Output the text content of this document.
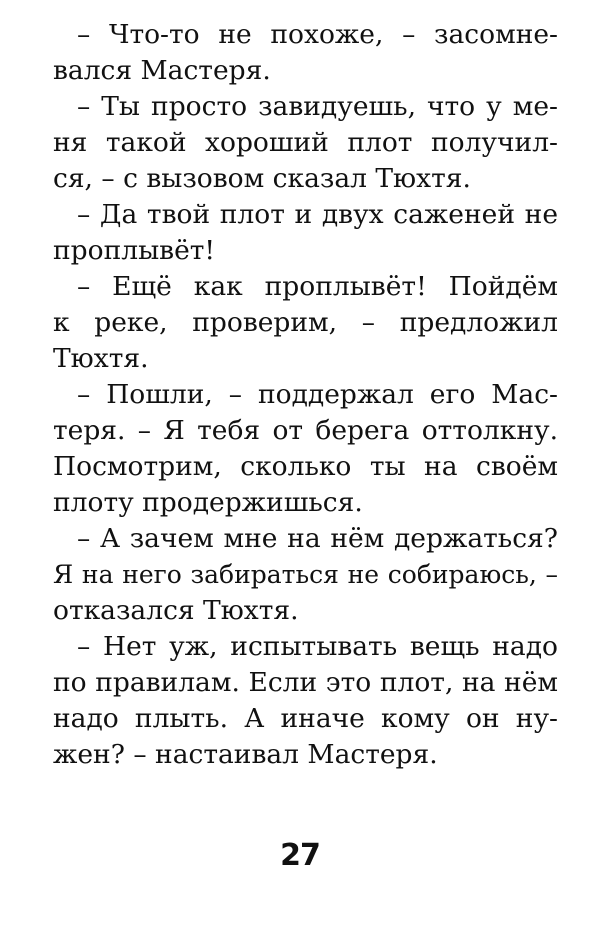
– Что-то не похоже, – засомне-
вался Мастеря.
– Ты просто завидуешь, что у ме-
ня такой хороший плот получил-
ся, – с вызовом сказал Тюхтя.
– Да твой плот и двух саженей не
проплывёт!
– Ещё как проплывёт! Пойдём
к реке, проверим, – предложил
Тюхтя.
– Пошли, – поддержал его Мас-
теря. – Я тебя от берега оттолкну.
Посмотрим, сколько ты на своём
плоту продержишься.
– А зачем мне на нём держаться?
Я на него забираться не собираюсь, –
отказался Тюхтя.
– Нет уж, испытывать вещь надо
по правилам. Если это плот, на нём
надо плыть. А иначе кому он ну-
жен? – настаивал Мастеря.
27
